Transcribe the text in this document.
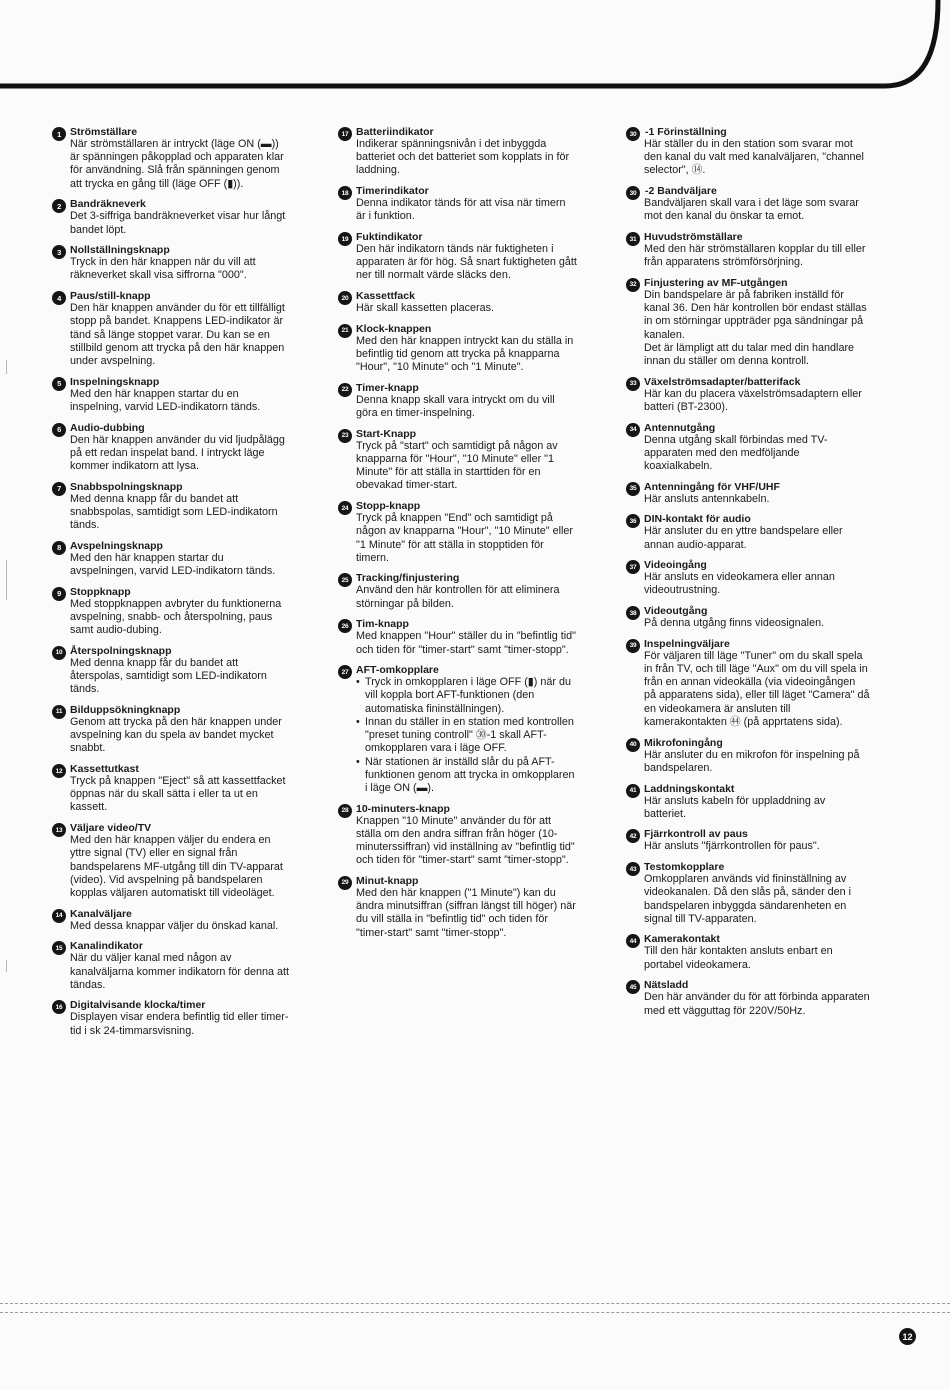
1 Strömställare

När strömställaren är intryckt (läge ON (▬)) är spänningen påkopplad och apparaten klar för användning. Slå från spänningen genom att trycka en gång till (läge OFF (▮)).

2 Bandräkneverk

Det 3-siffriga bandräkneverket visar hur långt bandet löpt.

3 Nollställningsknapp

Tryck in den här knappen när du vill att räkneverket skall visa siffrorna "000".

4 Paus/still-knapp

Den här knappen använder du för ett tillfälligt stopp på bandet. Knappens LED-indikator är tänd så länge stoppet varar. Du kan se en stillbild genom att trycka på den här knappen under avspelning.

5 Inspelningsknapp

Med den här knappen startar du en inspelning, varvid LED-indikatorn tänds.

6 Audio-dubbing

Den här knappen använder du vid ljudpålägg på ett redan inspelat band. I intryckt läge kommer indikatorn att lysa.

7 Snabbspolningsknapp

Med denna knapp får du bandet att snabbspolas, samtidigt som LED-indikatorn tänds.

8 Avspelningsknapp

Med den här knappen startar du avspelningen, varvid LED-indikatorn tänds.

9 Stoppknapp

Med stoppknappen avbryter du funktionerna avspelning, snabb- och återspolning, paus samt audio-dubing.

10 Återspolningsknapp

Med denna knapp får du bandet att återspolas, samtidigt som LED-indikatorn tänds.

11 Bilduppsökningknapp

Genom att trycka på den här knappen under avspelning kan du spela av bandet mycket snabbt.

12 Kassettutkast

Tryck på knappen "Eject" så att kassettfacket öppnas när du skall sätta i eller ta ut en kassett.

13 Väljare video/TV

Med den här knappen väljer du endera en yttre signal (TV) eller en signal från bandspelarens MF-utgång till din TV-apparat (video). Vid avspelning på bandspelaren kopplas väljaren automatiskt till videoläget.

14 Kanalväljare

Med dessa knappar väljer du önskad kanal.

15 Kanalindikator

När du väljer kanal med någon av kanalväljarna kommer indikatorn för denna att tändas.

16 Digitalvisande klocka/timer

Displayen visar endera befintlig tid eller timer-tid i sk 24-timmarsvisning.

17 Batteriindikator

Indikerar spänningsnivån i det inbyggda batteriet och det batteriet som kopplats in för laddning.

18 Timerindikator

Denna indikator tänds för att visa när timern är i funktion.

19 Fuktindikator

Den här indikatorn tänds när fuktigheten i apparaten är för hög. Så snart fuktigheten gått ner till normalt värde släcks den.

20 Kassettfack

Här skall kassetten placeras.

21 Klock-knappen

Med den här knappen intryckt kan du ställa in befintlig tid genom att trycka på knapparna "Hour", "10 Minute" och "1 Minute".

22 Timer-knapp

Denna knapp skall vara intryckt om du vill göra en timer-inspelning.

23 Start-Knapp

Tryck på "start" och samtidigt på någon av knapparna för "Hour", "10 Minute" eller "1 Minute" för att ställa in starttiden för en obevakad timer-start.

24 Stopp-knapp

Tryck på knappen "End" och samtidigt på någon av knapparna "Hour", "10 Minute" eller "1 Minute" för att ställa in stopptiden för timern.

25 Tracking/finjustering

Använd den här kontrollen för att eliminera störningar på bilden.

26 Tim-knapp

Med knappen "Hour" ställer du in "befintlig tid" och tiden för "timer-start" samt "timer-stopp".

27 AFT-omkopplare

• Tryck in omkopplaren i läge OFF (▮) när du vill koppla bort AFT-funktionen (den automatiska fininställningen).

• Innan du ställer in en station med kontrollen "preset tuning controll" ㉚-1 skall AFT-omkopplaren vara i läge OFF.

• När stationen är inställd slår du på AFT-funktionen genom att trycka in omkopplaren i läge ON (▬).

28 10-minuters-knapp

Knappen "10 Minute" använder du för att ställa om den andra siffran från höger (10-minuterssiffran) vid inställning av "befintlig tid" och tiden för "timer-start" samt "timer-stopp".

29 Minut-knapp

Med den här knappen ("1 Minute") kan du ändra minutsiffran (siffran längst till höger) när du vill ställa in "befintlig tid" och tiden för "timer-start" samt "timer-stopp".

30 -1 Förinställning

Här ställer du in den station som svarar mot den kanal du valt med kanalväljaren, "channel selector", ⑭.

30 -2 Bandväljare

Bandväljaren skall vara i det läge som svarar mot den kanal du önskar ta emot.

31 Huvudströmställare

Med den här strömställaren kopplar du till eller från apparatens strömförsörjning.

32 Finjustering av MF-utgången

Din bandspelare är på fabriken inställd för kanal 36. Den här kontrollen bör endast ställas in om störningar uppträder pga sändningar på kanalen.

Det är lämpligt att du talar med din handlare innan du ställer om denna kontroll.

33 Växelströmsadapter/batterifack

Här kan du placera växelströmsadaptern eller batteri (BT-2300).

34 Antennutgång

Denna utgång skall förbindas med TV-apparaten med den medföljande koaxialkabeln.

35 Antenningång för VHF/UHF

Här ansluts antennkabeln.

36 DIN-kontakt för audio

Här ansluter du en yttre bandspelare eller annan audio-apparat.

37 Videoingång

Här ansluts en videokamera eller annan videoutrustning.

38 Videoutgång

På denna utgång finns videosignalen.

39 Inspelningväljare

För väljaren till läge "Tuner" om du skall spela in från TV, och till läge "Aux" om du vill spela in från en annan videokälla (via videoingången på apparatens sida), eller till läget "Camera" då en videokamera är ansluten till kamerakontakten ㊹ (på apprtatens sida).

40 Mikrofoningång

Här ansluter du en mikrofon för inspelning på bandspelaren.

41 Laddningskontakt

Här ansluts kabeln för uppladdning av batteriet.

42 Fjärrkontroll av paus

Här ansluts "fjärrkontrollen för paus".

43 Testomkopplare

Omkopplaren används vid fininställning av videokanalen. Då den slås på, sänder den i bandspelaren inbyggda sändarenheten en signal till TV-apparaten.

44 Kamerakontakt

Till den här kontakten ansluts enbart en portabel videokamera.

45 Nätsladd

Den här använder du för att förbinda apparaten med ett vägguttag för 220V/50Hz.

12
